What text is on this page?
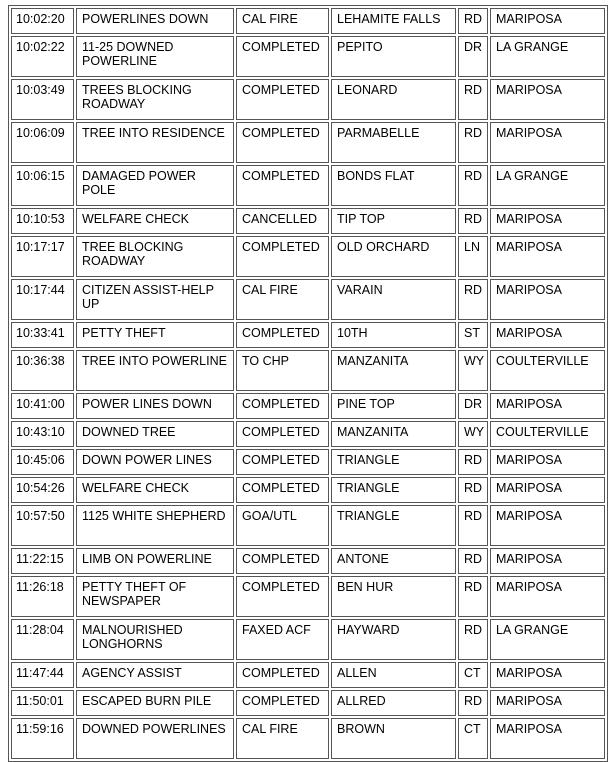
10:02:20	POWERLINES DOWN	CAL FIRE	LEHAMITE FALLS	RD	MARIPOSA
10:02:22	11-25 DOWNED POWERLINE	COMPLETED	PEPITO	DR	LA GRANGE
10:03:49	TREES BLOCKING ROADWAY	COMPLETED	LEONARD	RD	MARIPOSA
10:06:09	TREE INTO RESIDENCE	COMPLETED	PARMABELLE	RD	MARIPOSA
10:06:15	DAMAGED POWER POLE	COMPLETED	BONDS FLAT	RD	LA GRANGE
10:10:53	WELFARE CHECK	CANCELLED	TIP TOP	RD	MARIPOSA
10:17:17	TREE BLOCKING ROADWAY	COMPLETED	OLD ORCHARD	LN	MARIPOSA
10:17:44	CITIZEN ASSIST-HELP UP	CAL FIRE	VARAIN	RD	MARIPOSA
10:33:41	PETTY THEFT	COMPLETED	10TH	ST	MARIPOSA
10:36:38	TREE INTO POWERLINE	TO CHP	MANZANITA	WY	COULTERVILLE
10:41:00	POWER LINES DOWN	COMPLETED	PINE TOP	DR	MARIPOSA
10:43:10	DOWNED TREE	COMPLETED	MANZANITA	WY	COULTERVILLE
10:45:06	DOWN POWER LINES	COMPLETED	TRIANGLE	RD	MARIPOSA
10:54:26	WELFARE CHECK	COMPLETED	TRIANGLE	RD	MARIPOSA
10:57:50	1125 WHITE SHEPHERD	GOA/UTL	TRIANGLE	RD	MARIPOSA
11:22:15	LIMB ON POWERLINE	COMPLETED	ANTONE	RD	MARIPOSA
11:26:18	PETTY THEFT OF NEWSPAPER	COMPLETED	BEN HUR	RD	MARIPOSA
11:28:04	MALNOURISHED LONGHORNS	FAXED ACF	HAYWARD	RD	LA GRANGE
11:47:44	AGENCY ASSIST	COMPLETED	ALLEN	CT	MARIPOSA
11:50:01	ESCAPED BURN PILE	COMPLETED	ALLRED	RD	MARIPOSA
11:59:16	DOWNED POWERLINES	CAL FIRE	BROWN	CT	MARIPOSA
